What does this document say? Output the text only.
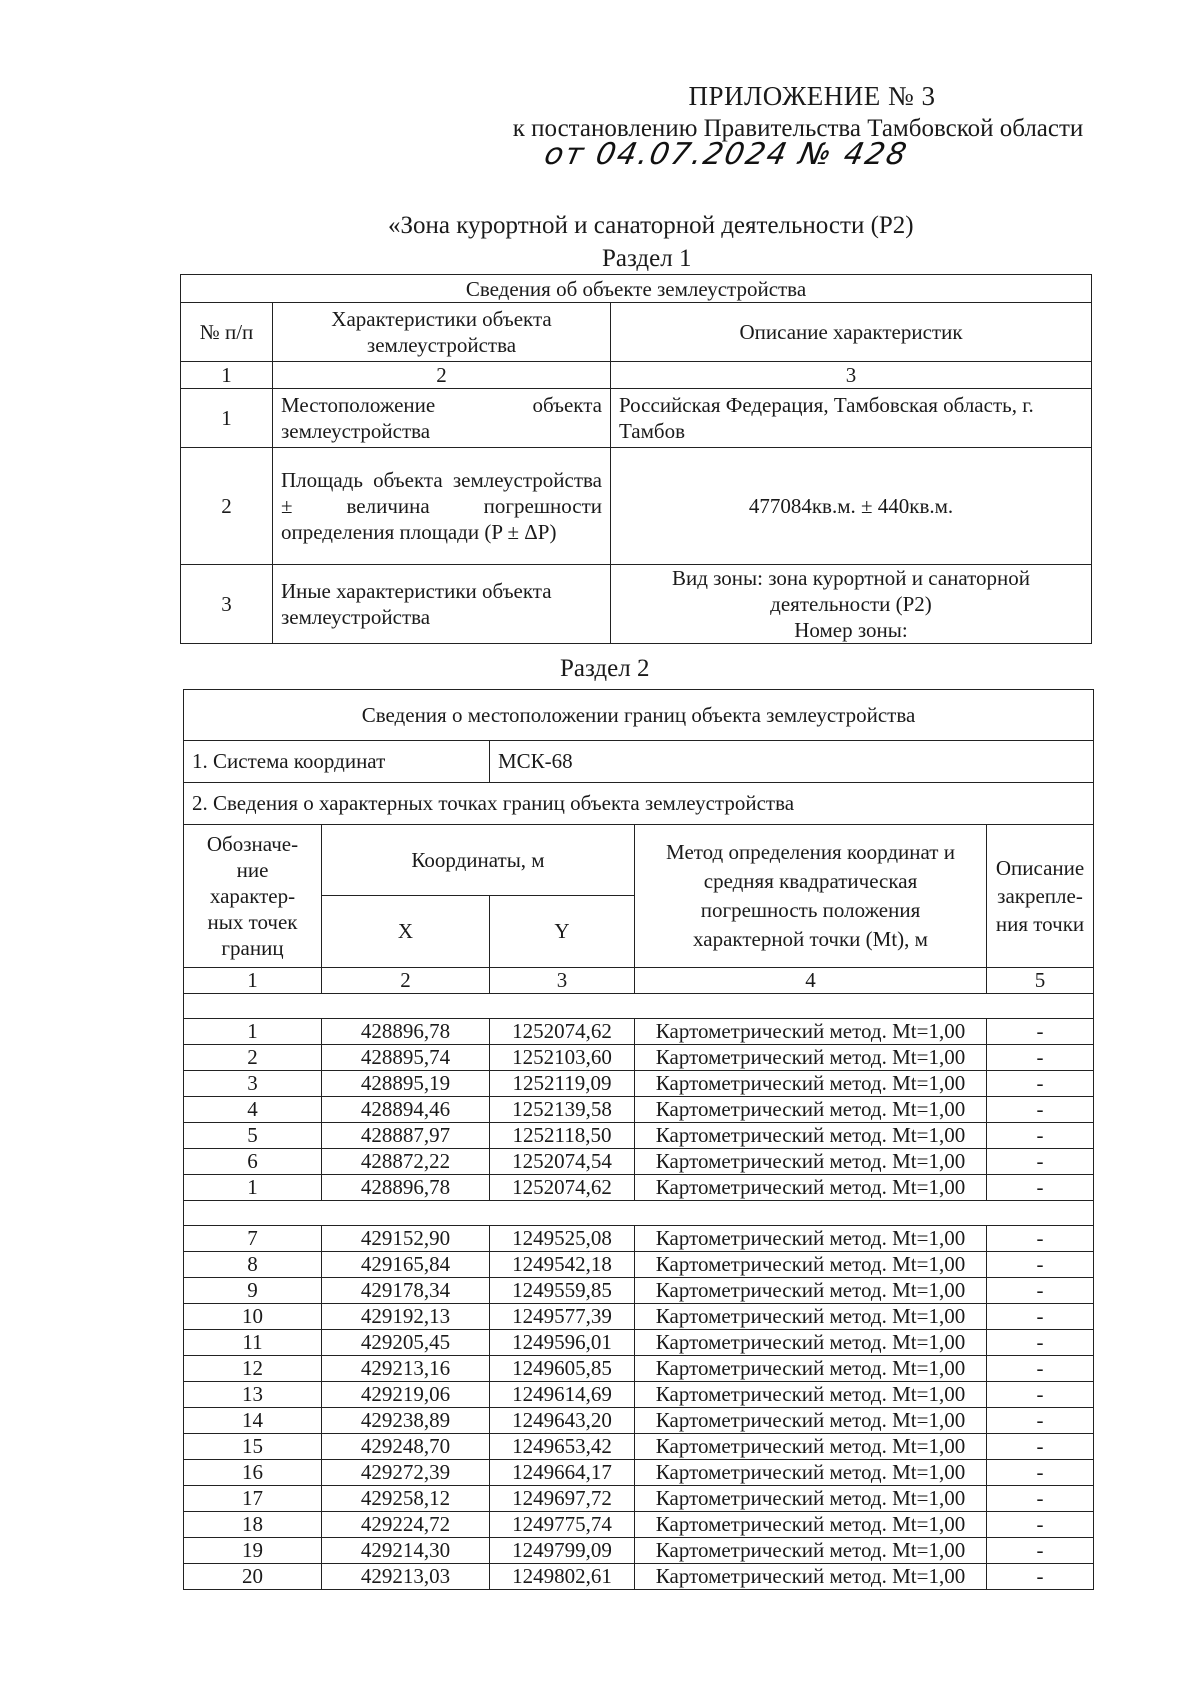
ПРИЛОЖЕНИЕ № 3
к постановлению Правительства Тамбовской области
от 04.07.2024 № 428
«Зона курортной и санаторной деятельности (Р2)
Раздел 1
Сведения об объекте землеустройства		
№ п/п	Характеристики объекта землеустройства	Описание характеристик
1	2	3
1	Местоположение объекта землеустройства	Российская Федерация, Тамбовская область, г. Тамбов
2	Площадь объекта землеустройства ± величина погрешности определения площади (P ± ΔP)	477084кв.м. ± 440кв.м.
3	Иные характеристики объекта землеустройства	Вид зоны: зона курортной и санаторной деятельности (Р2)
Номер зоны:
Раздел 2
Сведения о местоположении границ объекта землеустройства				
1. Система координат		МСК-68		
2. Сведения о характерных точках границ объекта землеустройства				
Обозначе-ние характер-ных точек границ	Координаты, м		Метод определения координат и средняя квадратическая погрешность положения характерной точки (Mt), м	Описание закрепле-ния точки
	X	Y		
1	2	3	4	5

1	428896,78	1252074,62	Картометрический метод. Mt=1,00	-
2	428895,74	1252103,60	Картометрический метод. Mt=1,00	-
3	428895,19	1252119,09	Картометрический метод. Mt=1,00	-
4	428894,46	1252139,58	Картометрический метод. Mt=1,00	-
5	428887,97	1252118,50	Картометрический метод. Mt=1,00	-
6	428872,22	1252074,54	Картометрический метод. Mt=1,00	-
1	428896,78	1252074,62	Картометрический метод. Mt=1,00	-

7	429152,90	1249525,08	Картометрический метод. Mt=1,00	-
8	429165,84	1249542,18	Картометрический метод. Mt=1,00	-
9	429178,34	1249559,85	Картометрический метод. Mt=1,00	-
10	429192,13	1249577,39	Картометрический метод. Mt=1,00	-
11	429205,45	1249596,01	Картометрический метод. Mt=1,00	-
12	429213,16	1249605,85	Картометрический метод. Mt=1,00	-
13	429219,06	1249614,69	Картометрический метод. Mt=1,00	-
14	429238,89	1249643,20	Картометрический метод. Mt=1,00	-
15	429248,70	1249653,42	Картометрический метод. Mt=1,00	-
16	429272,39	1249664,17	Картометрический метод. Mt=1,00	-
17	429258,12	1249697,72	Картометрический метод. Mt=1,00	-
18	429224,72	1249775,74	Картометрический метод. Mt=1,00	-
19	429214,30	1249799,09	Картометрический метод. Mt=1,00	-
20	429213,03	1249802,61	Картометрический метод. Mt=1,00	-
